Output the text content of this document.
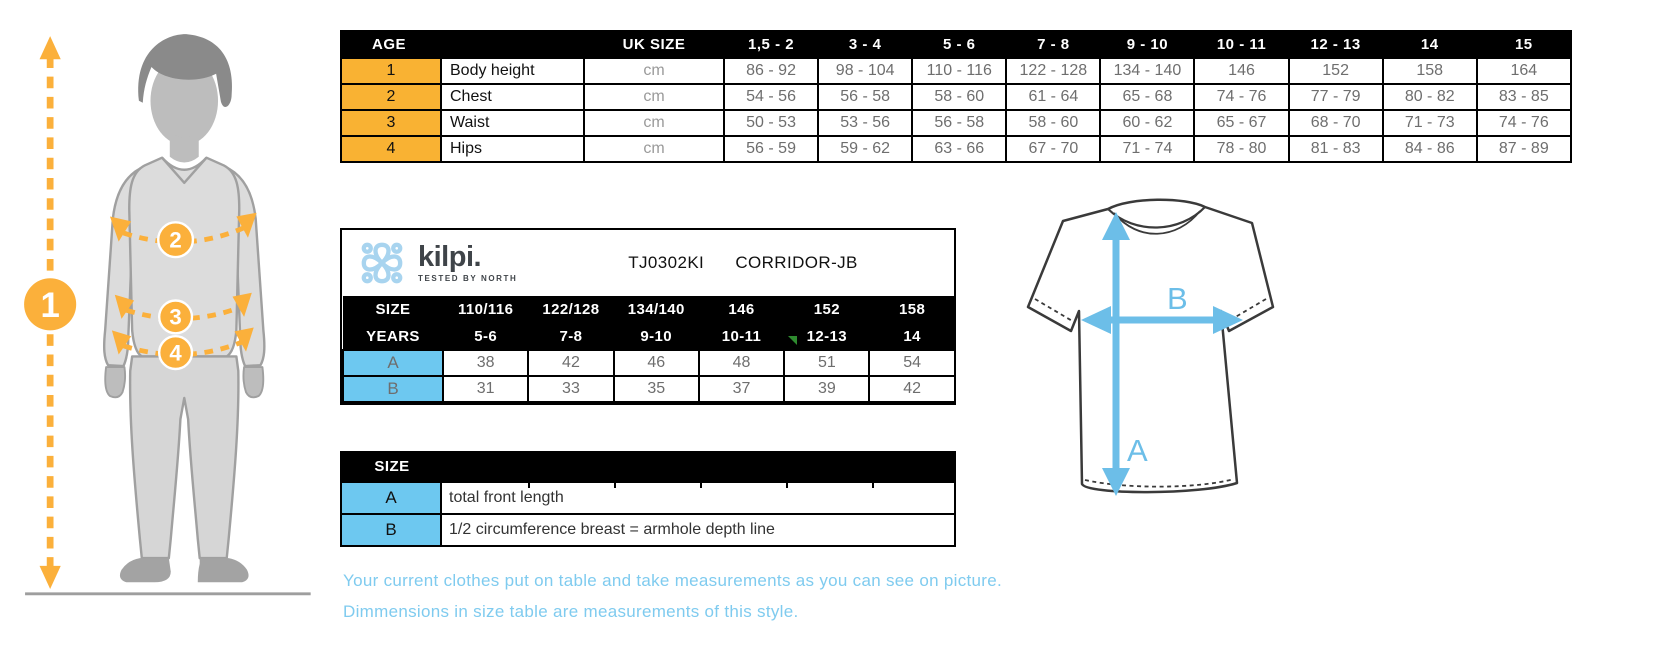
2
3
4
1
AGE		UK SIZE	1,5 - 2	3 - 4	5 - 6	7 - 8	9 - 10	10 - 11	12 - 13	14	15
1	Body height	cm	86 - 92	98 - 104	110 - 116	122 - 128	134 - 140	146	152	158	164
2	Chest	cm	54 - 56	56 - 58	58 - 60	61 - 64	65 - 68	74 - 76	77 - 79	80 - 82	83 - 85
3	Waist	cm	50 - 53	53 - 56	56 - 58	58 - 60	60 - 62	65 - 67	68 - 70	71 - 73	74 - 76
4	Hips	cm	56 - 59	59 - 62	63 - 66	67 - 70	71 - 74	78 - 80	81 - 83	84 - 86	87 - 89
kilpi.
TESTED BY NORTH
TJ0302KI CORRIDOR-JB
SIZE	110/116	122/128	134/140	146	152	158
YEARS	5-6	7-8	9-10	10-11	12-13	14
A	38	42	46	48	51	54
B	31	33	35	37	39	42
SIZE
A	total front length
B	1/2 circumference breast = armhole depth line
Your current clothes put on table and take measurements as you can see on picture.
Dimmensions in size table are measurements of this style.
B
A
